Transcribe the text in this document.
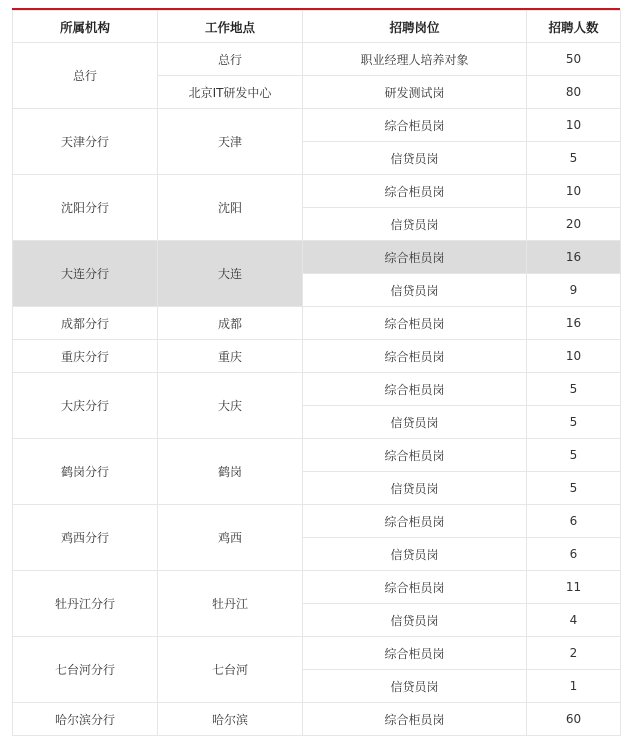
所属机构	工作地点	招聘岗位	招聘人数
总行	总行	职业经理人培养对象	50
	北京IT研发中心	研发测试岗	80
天津分行	天津	综合柜员岗	10
		信贷员岗	5
沈阳分行	沈阳	综合柜员岗	10
		信贷员岗	20
大连分行	大连	综合柜员岗	16
		信贷员岗	9
成都分行	成都	综合柜员岗	16
重庆分行	重庆	综合柜员岗	10
大庆分行	大庆	综合柜员岗	5
		信贷员岗	5
鹤岗分行	鹤岗	综合柜员岗	5
		信贷员岗	5
鸡西分行	鸡西	综合柜员岗	6
		信贷员岗	6
牡丹江分行	牡丹江	综合柜员岗	11
		信贷员岗	4
七台河分行	七台河	综合柜员岗	2
		信贷员岗	1
哈尔滨分行	哈尔滨	综合柜员岗	60
